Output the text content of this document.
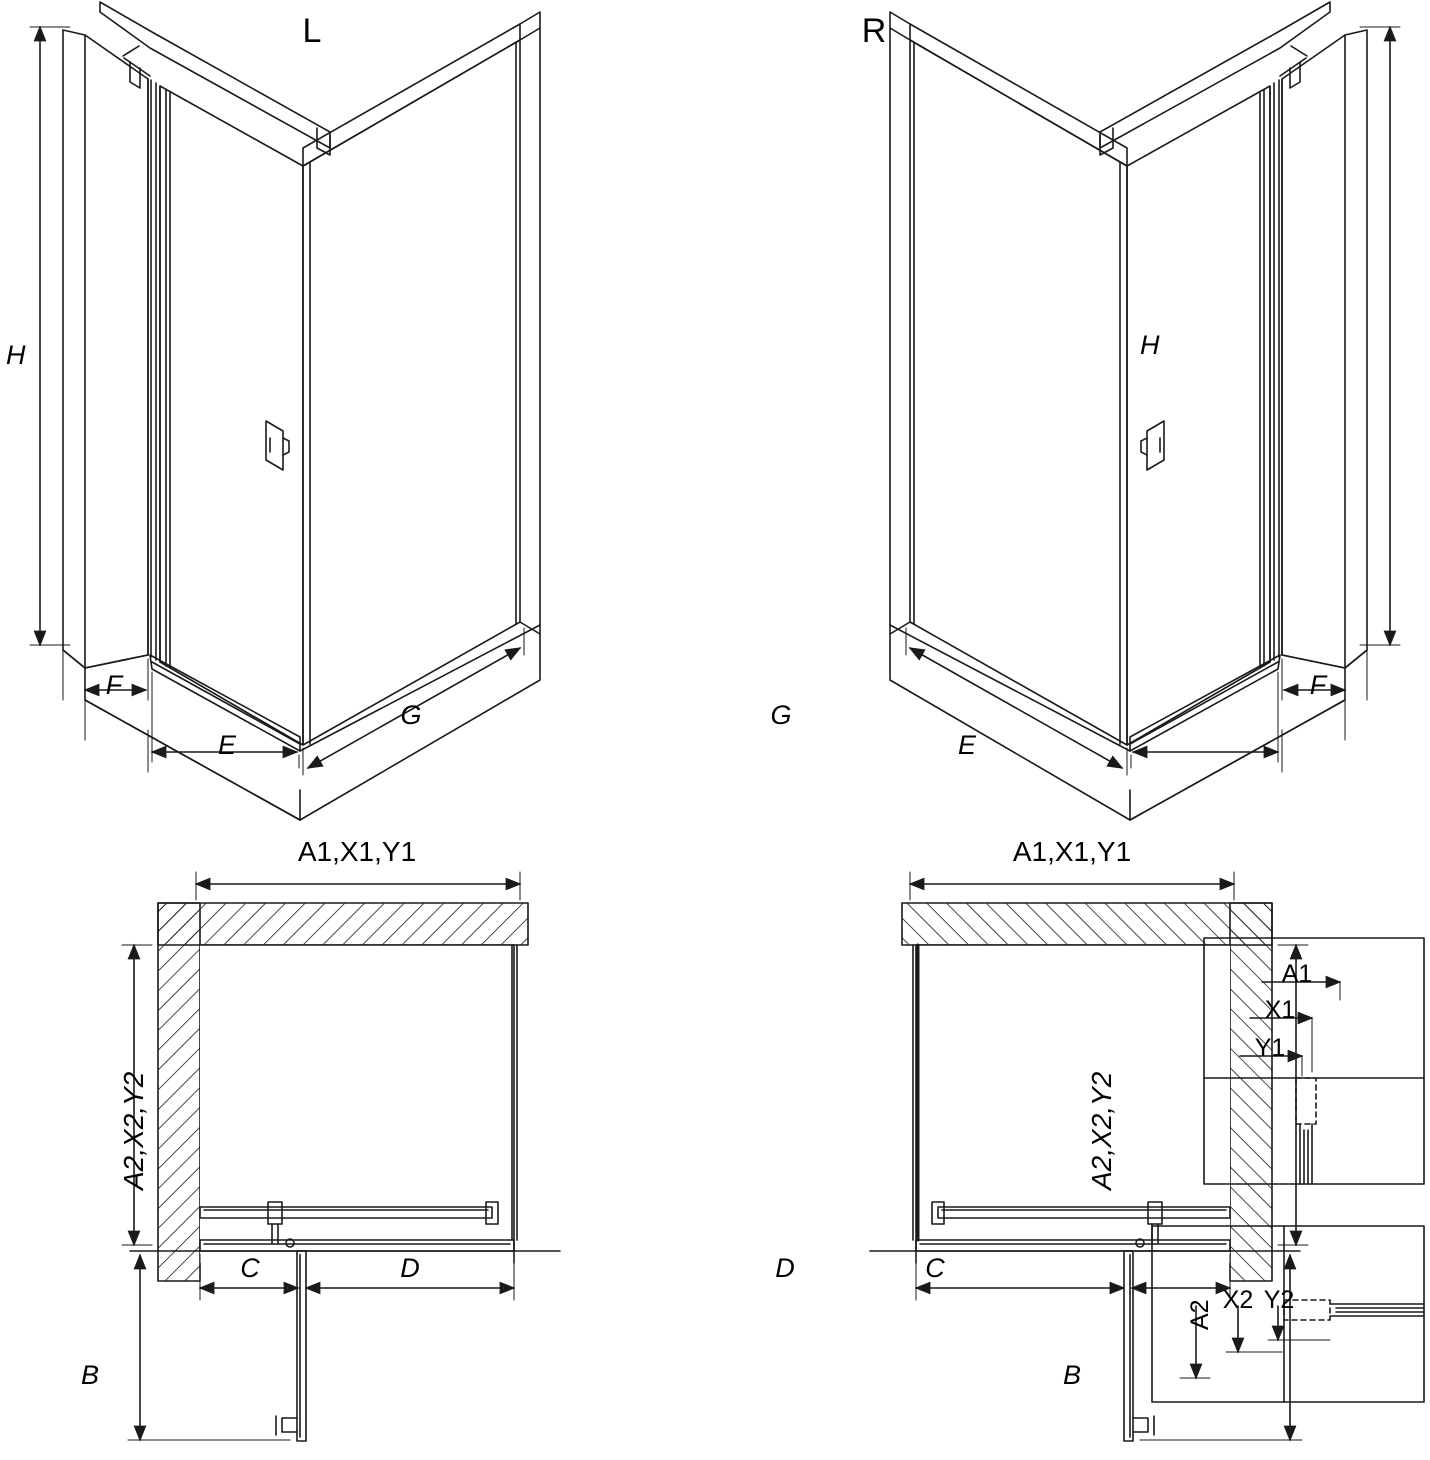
L	R
H	H
F
E
G
F
E
G
A1,X1,Y1	A1,X1,Y1
A2,X2,Y2	A2,X2,Y2
C	D
B
C
D
B
A1
X1
Y1
A2 X2 Y2
